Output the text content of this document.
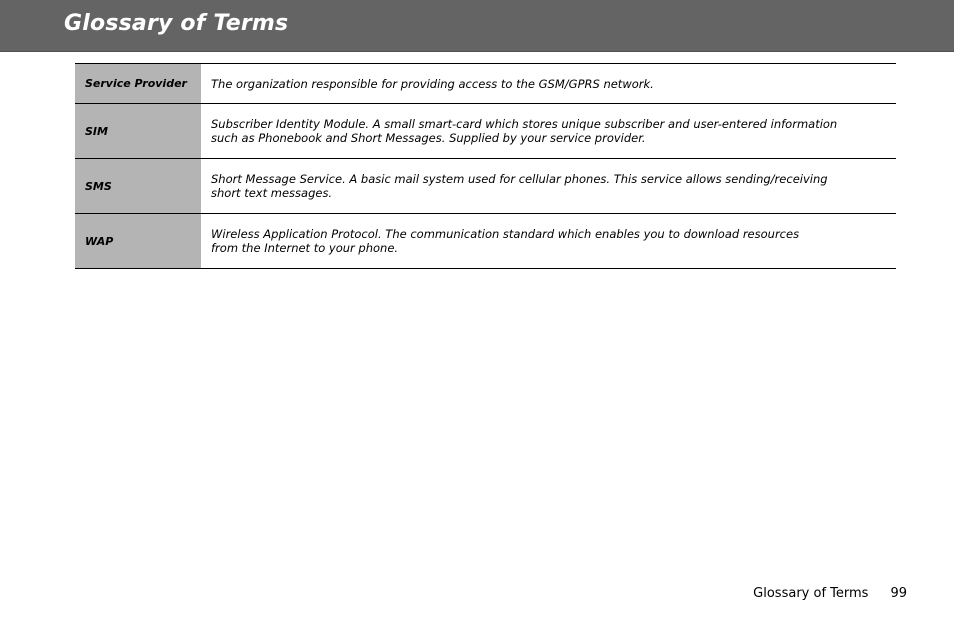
Glossary of Terms
Service Provider	The organization responsible for providing access to the GSM/GPRS network.

SIM	Subscriber Identity Module. A small smart-card which stores unique subscriber and user-entered information
such as Phonebook and Short Messages. Supplied by your service provider.

SMS	Short Message Service. A basic mail system used for cellular phones. This service allows sending/receiving
short text messages.

WAP	Wireless Application Protocol. The communication standard which enables you to download resources
from the Internet to your phone.
Glossary of Terms 99
